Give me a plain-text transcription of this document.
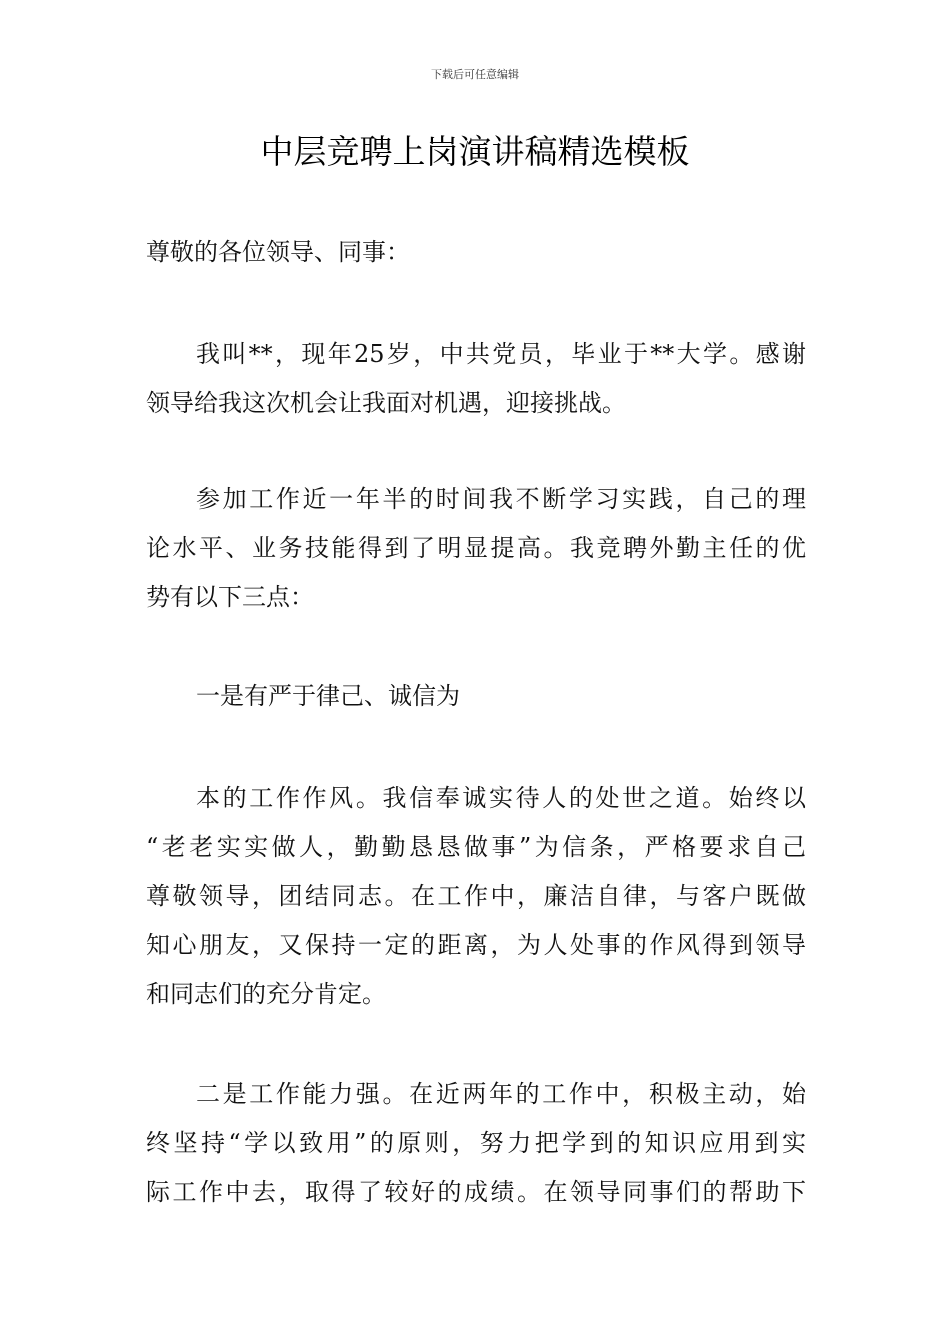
下载后可任意编辑
中层竞聘上岗演讲稿精选模板
尊敬的各位领导、同事：
我叫**，现年25岁，中共党员，毕业于**大学。感谢
领导给我这次机会让我面对机遇，迎接挑战。
参加工作近一年半的时间我不断学习实践，自己的理
论水平、业务技能得到了明显提高。我竞聘外勤主任的优
势有以下三点：
一是有严于律己、诚信为
本的工作作风。我信奉诚实待人的处世之道。始终以
“老老实实做人，勤勤恳恳做事”为信条，严格要求自己
尊敬领导，团结同志。在工作中，廉洁自律，与客户既做
知心朋友，又保持一定的距离，为人处事的作风得到领导
和同志们的充分肯定。
二是工作能力强。在近两年的工作中，积极主动，始
终坚持“学以致用”的原则，努力把学到的知识应用到实
际工作中去，取得了较好的成绩。在领导同事们的帮助下
